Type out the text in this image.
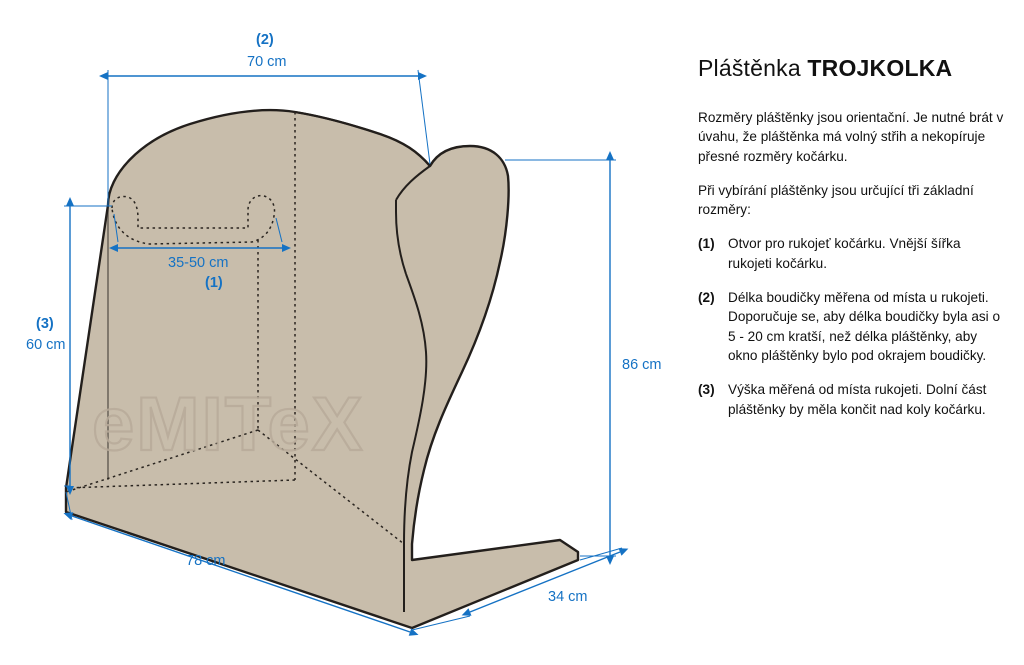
eMITeX
(2)
70 cm
35-50 cm
(1)
(3)
60 cm
86 cm
78 cm
34 cm
Pláštěnka TROJKOLKA

Rozměry pláštěnky jsou orientační. Je nutné brát v úvahu, že pláštěnka má volný střih a nekopíruje přesné rozměry kočárku.

Při vybírání pláštěnky jsou určující tři základní rozměry:

(1) Otvor pro rukojeť kočárku. Vnější šířka rukojeti kočárku.
(2) Délka boudičky měřena od místa u rukojeti. Doporučuje se, aby délka boudičky byla asi o 5 - 20 cm kratší, než délka pláštěnky, aby okno pláštěnky bylo pod okrajem boudičky.
(3) Výška měřená od místa rukojeti. Dolní část pláštěnky by měla končit nad koly kočárku.
